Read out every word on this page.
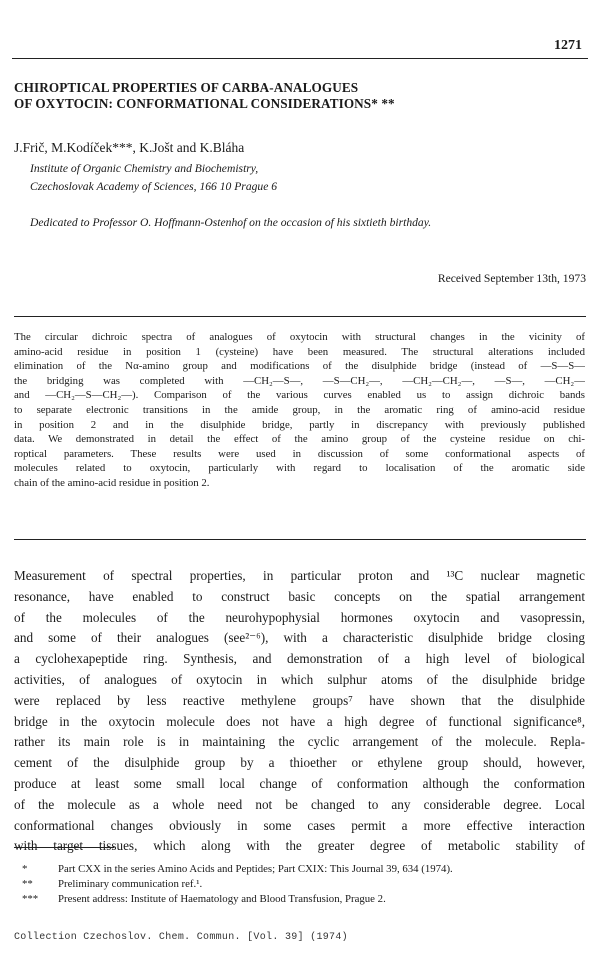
1271
CHIROPTICAL PROPERTIES OF CARBA-ANALOGUES
OF OXYTOCIN: CONFORMATIONAL CONSIDERATIONS* **
J.Frič, M.Kodíček***, K.Jošt and K.Bláha
Institute of Organic Chemistry and Biochemistry,
Czechoslovak Academy of Sciences, 166 10 Prague 6
Dedicated to Professor O. Hoffmann-Ostenhof on the occasion of his sixtieth birthday.
Received September 13th, 1973
The circular dichroic spectra of analogues of oxytocin with structural changes in the vicinity of
amino-acid residue in position 1 (cysteine) have been measured. The structural alterations included
elimination of the Nα-amino group and modifications of the disulphide bridge (instead of —S—S—
the bridging was completed with —CH₂—S—, —S—CH₂—, —CH₂—CH₂—, —S—, —CH₂—
and —CH₂—S—CH₂—). Comparison of the various curves enabled us to assign dichroic bands
to separate electronic transitions in the amide group, in the aromatic ring of amino-acid residue
in position 2 and in the disulphide bridge, partly in discrepancy with previously published
data. We demonstrated in detail the effect of the amino group of the cysteine residue on chi-
roptical parameters. These results were used in discussion of some conformational aspects of
molecules related to oxytocin, particularly with regard to localisation of the aromatic side
chain of the amino-acid residue in position 2.
Measurement of spectral properties, in particular proton and ¹³C nuclear magnetic
resonance, have enabled to construct basic concepts on the spatial arrangement
of the molecules of the neurohypophysial hormones oxytocin and vasopressin,
and some of their analogues (see²⁻⁶), with a characteristic disulphide bridge closing
a cyclohexapeptide ring. Synthesis, and demonstration of a high level of biological
activities, of analogues of oxytocin in which sulphur atoms of the disulphide bridge
were replaced by less reactive methylene groups⁷ have shown that the disulphide
bridge in the oxytocin molecule does not have a high degree of functional significance⁸,
rather its main role is in maintaining the cyclic arrangement of the molecule. Repla-
cement of the disulphide group by a thioether or ethylene group should, however,
produce at least some small local change of conformation although the conformation
of the molecule as a whole need not be changed to any considerable degree. Local
conformational changes obviously in some cases permit a more effective interaction
with target tissues, which along with the greater degree of metabolic stability of
*	Part CXX in the series Amino Acids and Peptides; Part CXIX: This Journal 39, 634 (1974).
**	Preliminary communication ref.¹.
***	Present address: Institute of Haematology and Blood Transfusion, Prague 2.
Collection Czechoslov. Chem. Commun. [Vol. 39] (1974)
